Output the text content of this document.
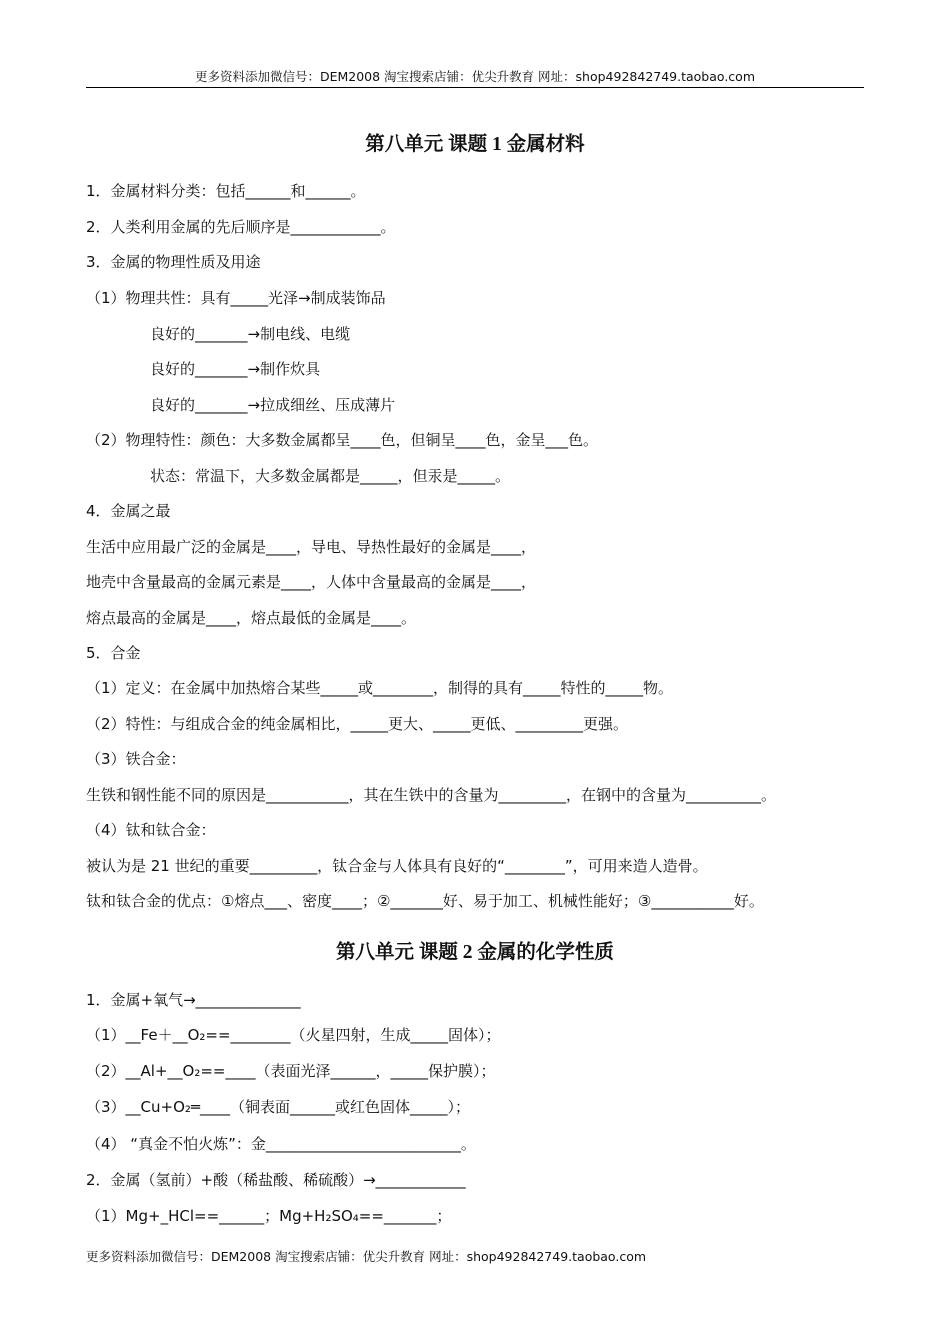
更多资料添加微信号：DEM2008 淘宝搜索店铺：优尖升教育 网址：shop492842749.taobao.com
第八单元 课题 1 金属材料
1．金属材料分类：包括______和______。
2．人类利用金属的先后顺序是____________。
3．金属的物理性质及用途
（1）物理共性：具有_____光泽→制成装饰品
良好的_______→制电线、电缆
良好的_______→制作炊具
良好的_______→拉成细丝、压成薄片
（2）物理特性：颜色：大多数金属都呈____色，但铜呈____色，金呈___色。
状态：常温下，大多数金属都是_____，但汞是_____。
4．金属之最
生活中应用最广泛的金属是____，导电、导热性最好的金属是____，
地壳中含量最高的金属元素是____，人体中含量最高的金属是____，
熔点最高的金属是____，熔点最低的金属是____。
5．合金
（1）定义：在金属中加热熔合某些_____或________，制得的具有_____特性的_____物。
（2）特性：与组成合金的纯金属相比，_____更大、_____更低、_________更强。
（3）铁合金：
生铁和钢性能不同的原因是___________，其在生铁中的含量为_________，在钢中的含量为__________。
（4）钛和钛合金：
被认为是 21 世纪的重要_________，钛合金与人体具有良好的“________”，可用来造人造骨。
钛和钛合金的优点：①熔点___、密度____；②_______好、易于加工、机械性能好；③___________好。
第八单元 课题 2 金属的化学性质
1．金属+氧气→______________
（1）__Fe＋__O₂==________（火星四射，生成_____固体）；
（2）__Al+__O₂==____（表面光泽______，_____保护膜）；
（3）__Cu+O₂═____（铜表面______或红色固体_____）；
（4） “真金不怕火炼”：金__________________________。
2．金属（氢前）+酸（稀盐酸、稀硫酸）→____________
（1）Mg+_HCl==______；Mg+H₂SO₄==_______；
更多资料添加微信号：DEM2008 淘宝搜索店铺：优尖升教育 网址：shop492842749.taobao.com
